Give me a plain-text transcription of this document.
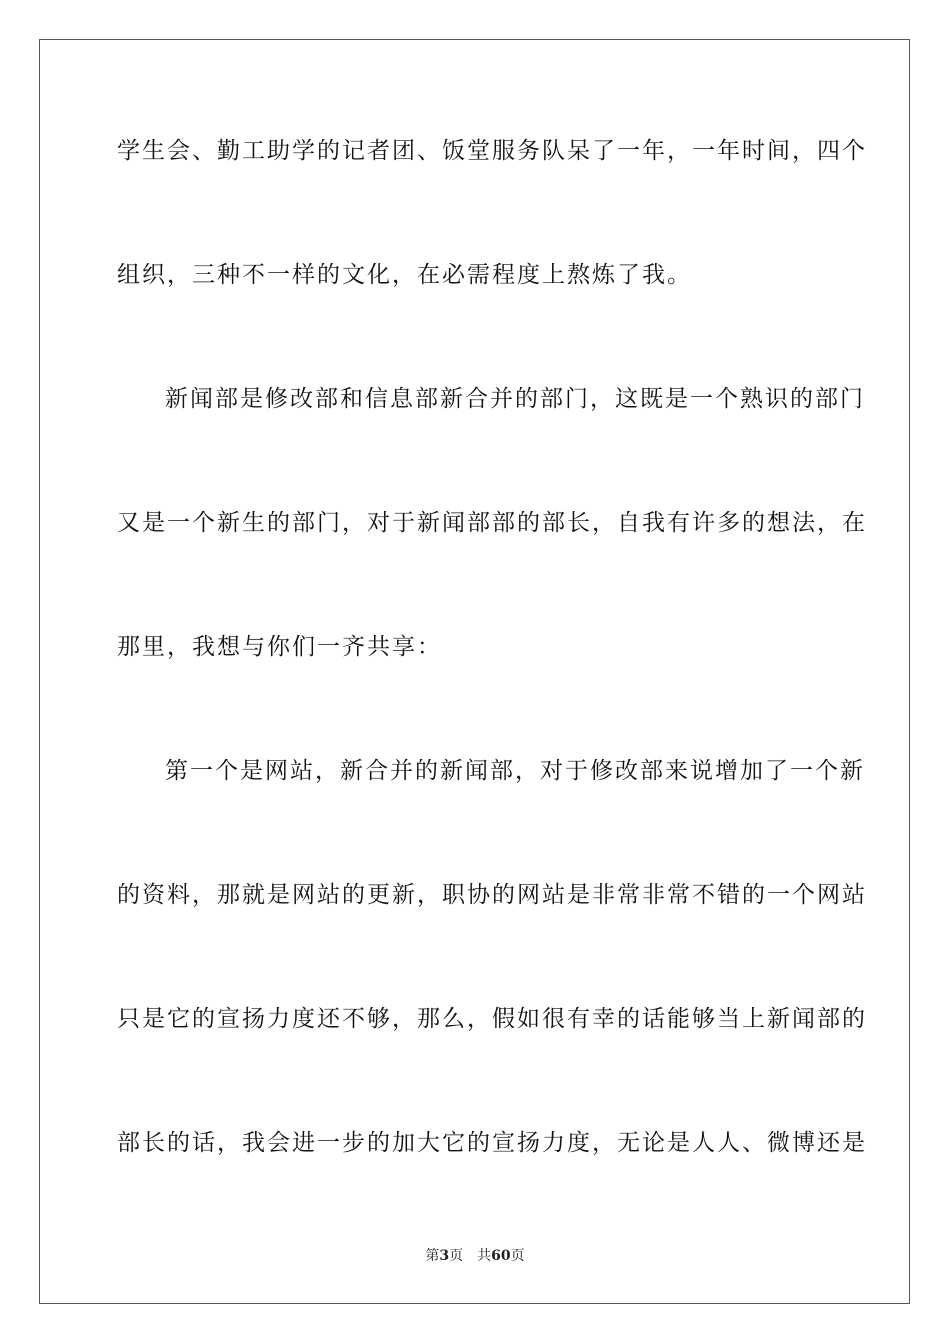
学生会、勤工助学的记者团、饭堂服务队呆了一年，一年时间，四个
组织，三种不一样的文化，在必需程度上熬炼了我。
新闻部是修改部和信息部新合并的部门，这既是一个熟识的部门
又是一个新生的部门，对于新闻部部的部长，自我有许多的想法，在
那里，我想与你们一齐共享：
第一个是网站，新合并的新闻部，对于修改部来说增加了一个新
的资料，那就是网站的更新，职协的网站是非常非常不错的一个网站
只是它的宣扬力度还不够，那么，假如很有幸的话能够当上新闻部的
部长的话，我会进一步的加大它的宣扬力度，无论是人人、微博还是
第3页 共60页
